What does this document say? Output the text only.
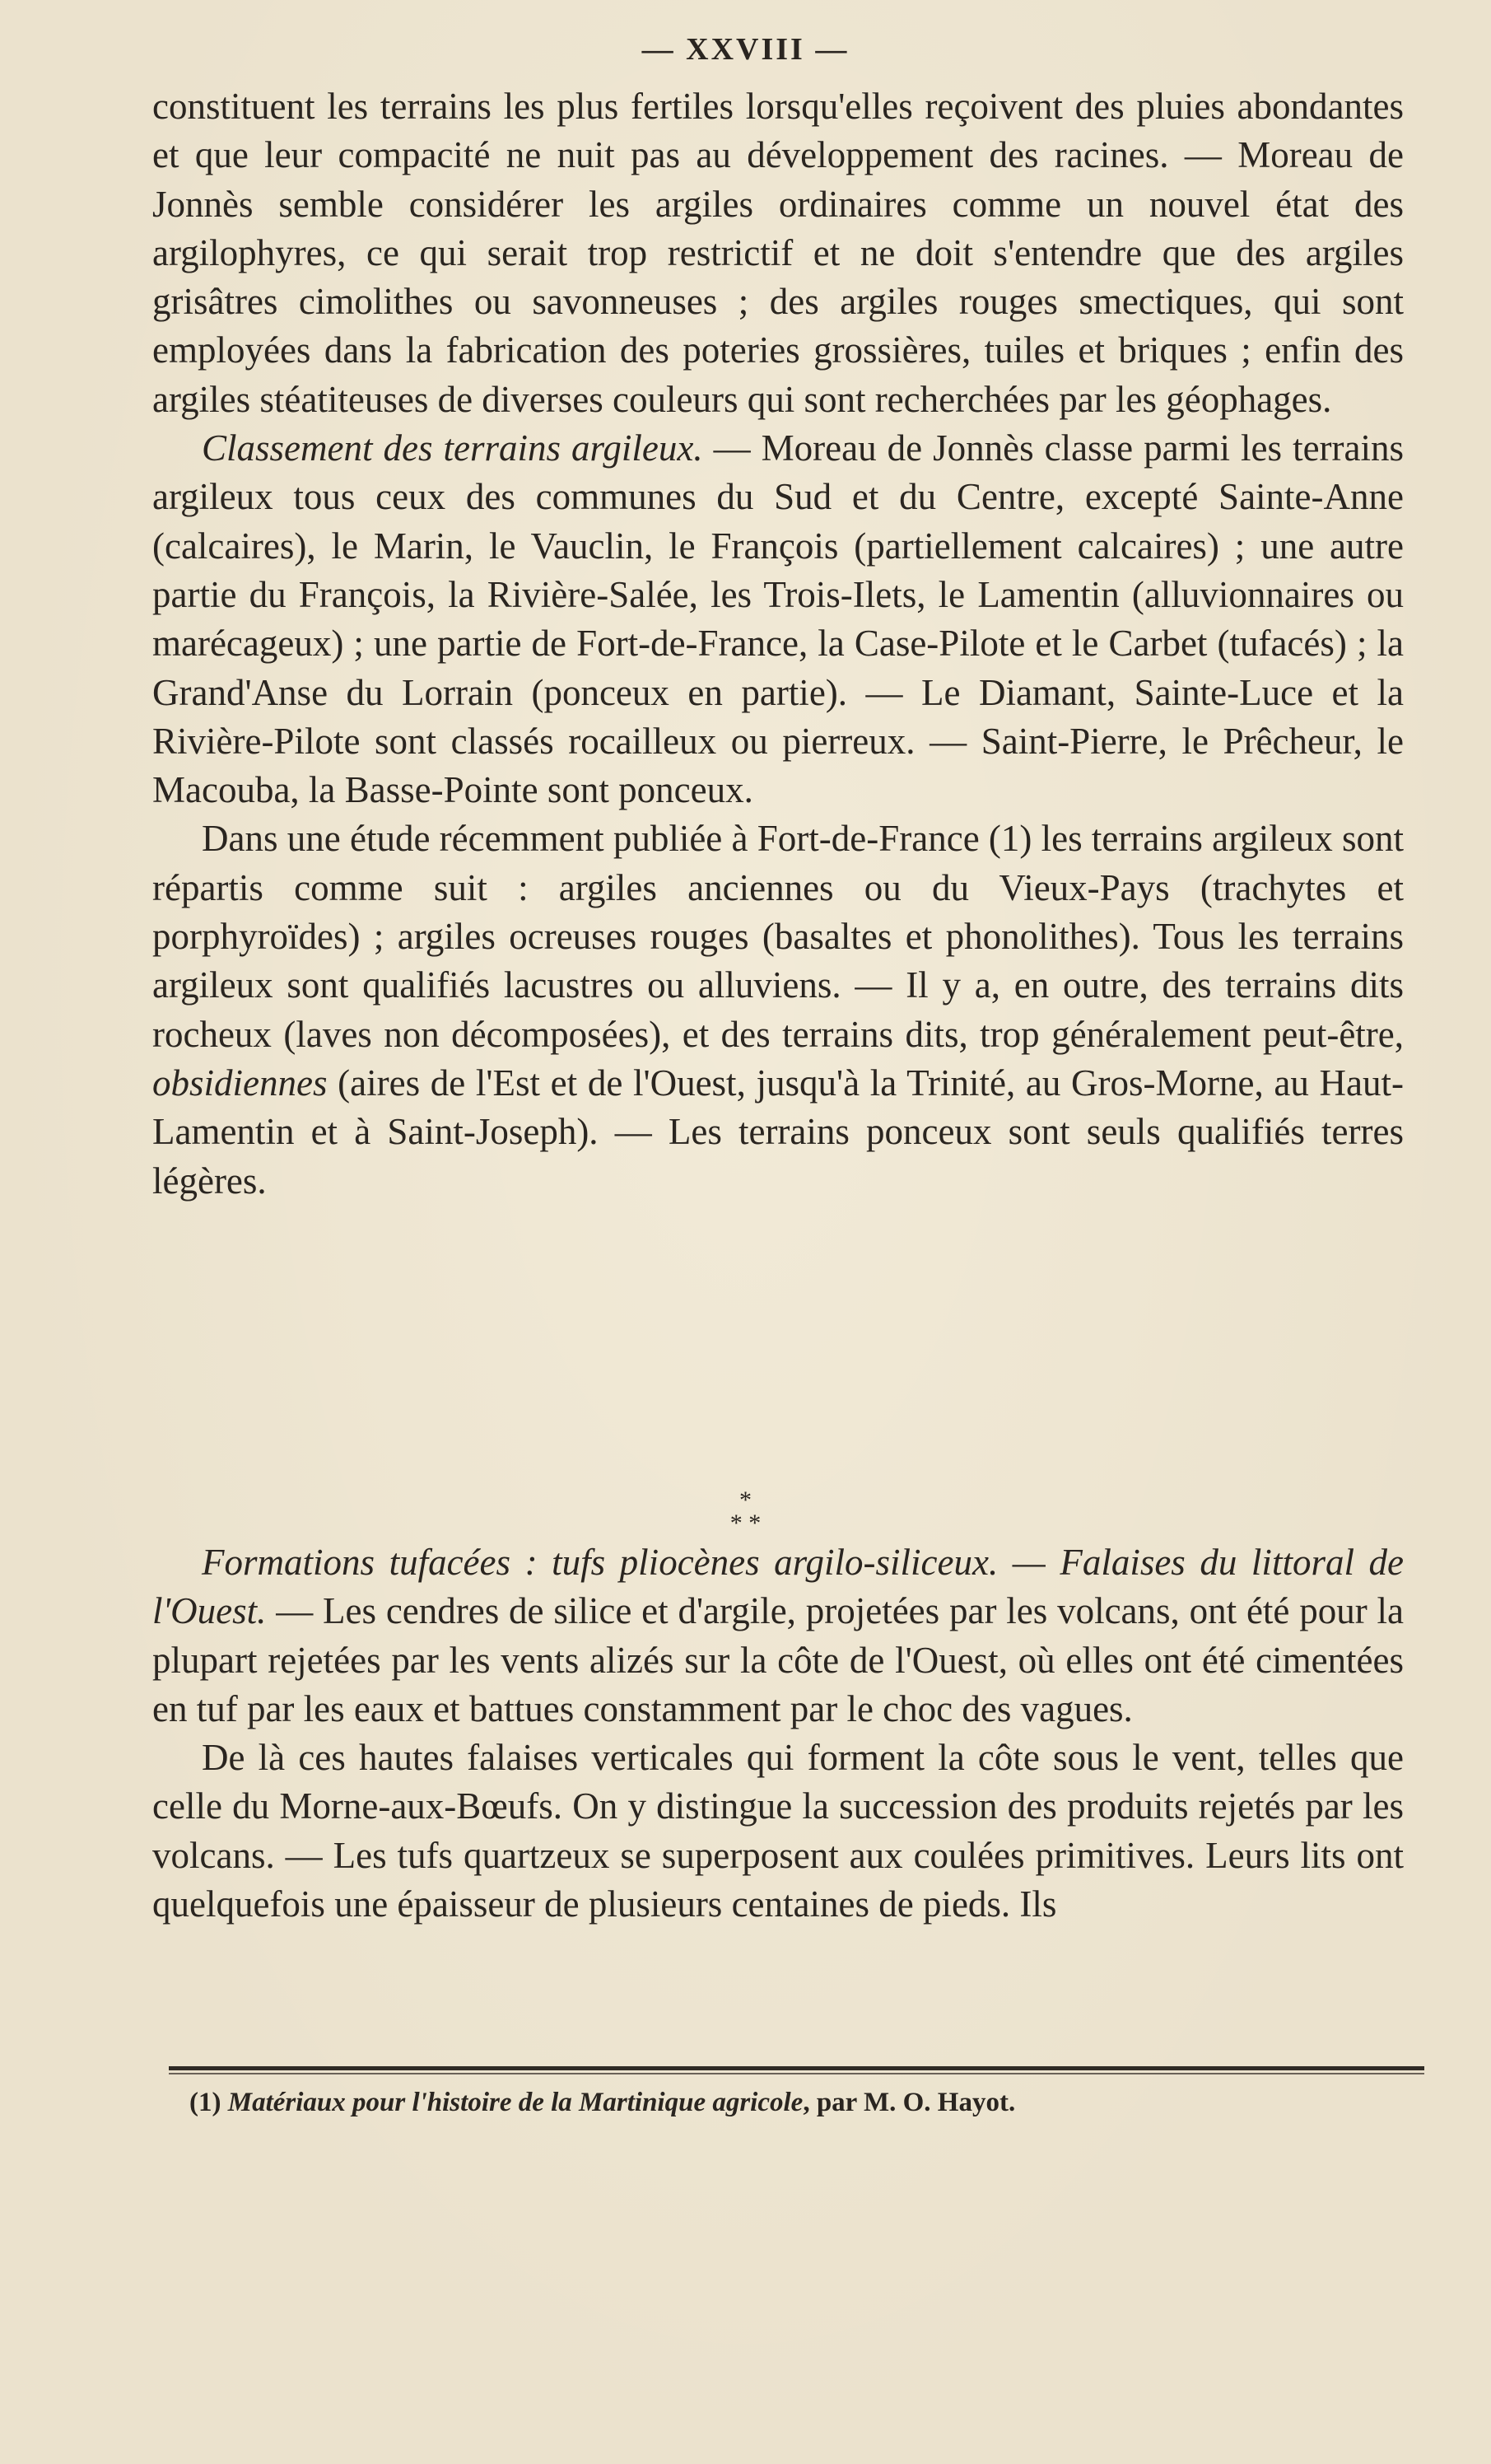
— XXVIII —

constituent les terrains les plus fertiles lorsqu'elles reçoivent des pluies abondantes et que leur compacité ne nuit pas au développement des racines. — Moreau de Jonnès semble considérer les argiles ordinaires comme un nouvel état des argilophyres, ce qui serait trop restrictif et ne doit s'entendre que des argiles grisâtres cimolithes ou savonneuses ; des argiles rouges smectiques, qui sont employées dans la fabrication des poteries grossières, tuiles et briques ; enfin des argiles stéatiteuses de diverses couleurs qui sont recherchées par les géophages.

Classement des terrains argileux. — Moreau de Jonnès classe parmi les terrains argileux tous ceux des communes du Sud et du Centre, excepté Sainte-Anne (calcaires), le Marin, le Vauclin, le François (partiellement calcaires) ; une autre partie du François, la Rivière-Salée, les Trois-Ilets, le Lamentin (alluvionnaires ou marécageux) ; une partie de Fort-de-France, la Case-Pilote et le Carbet (tufacés) ; la Grand'Anse du Lorrain (ponceux en partie). — Le Diamant, Sainte-Luce et la Rivière-Pilote sont classés rocailleux ou pierreux. — Saint-Pierre, le Prêcheur, le Macouba, la Basse-Pointe sont ponceux.

Dans une étude récemment publiée à Fort-de-France (1) les terrains argileux sont répartis comme suit : argiles anciennes ou du Vieux-Pays (trachytes et porphyroïdes) ; argiles ocreuses rouges (basaltes et phonolithes). Tous les terrains argileux sont qualifiés lacustres ou alluviens. — Il y a, en outre, des terrains dits rocheux (laves non décomposées), et des terrains dits, trop généralement peut-être, obsidiennes (aires de l'Est et de l'Ouest, jusqu'à la Trinité, au Gros-Morne, au Haut-Lamentin et à Saint-Joseph). — Les terrains ponceux sont seuls qualifiés terres légères.

*
* *

Formations tufacées : tufs pliocènes argilo-siliceux. — Falaises du littoral de l'Ouest. — Les cendres de silice et d'argile, projetées par les volcans, ont été pour la plupart rejetées par les vents alizés sur la côte de l'Ouest, où elles ont été cimentées en tuf par les eaux et battues constamment par le choc des vagues.

De là ces hautes falaises verticales qui forment la côte sous le vent, telles que celle du Morne-aux-Bœufs. On y distingue la succession des produits rejetés par les volcans. — Les tufs quartzeux se superposent aux coulées primitives. Leurs lits ont quelquefois une épaisseur de plusieurs centaines de pieds. Ils

(1) Matériaux pour l'histoire de la Martinique agricole, par M. O. Hayot.
